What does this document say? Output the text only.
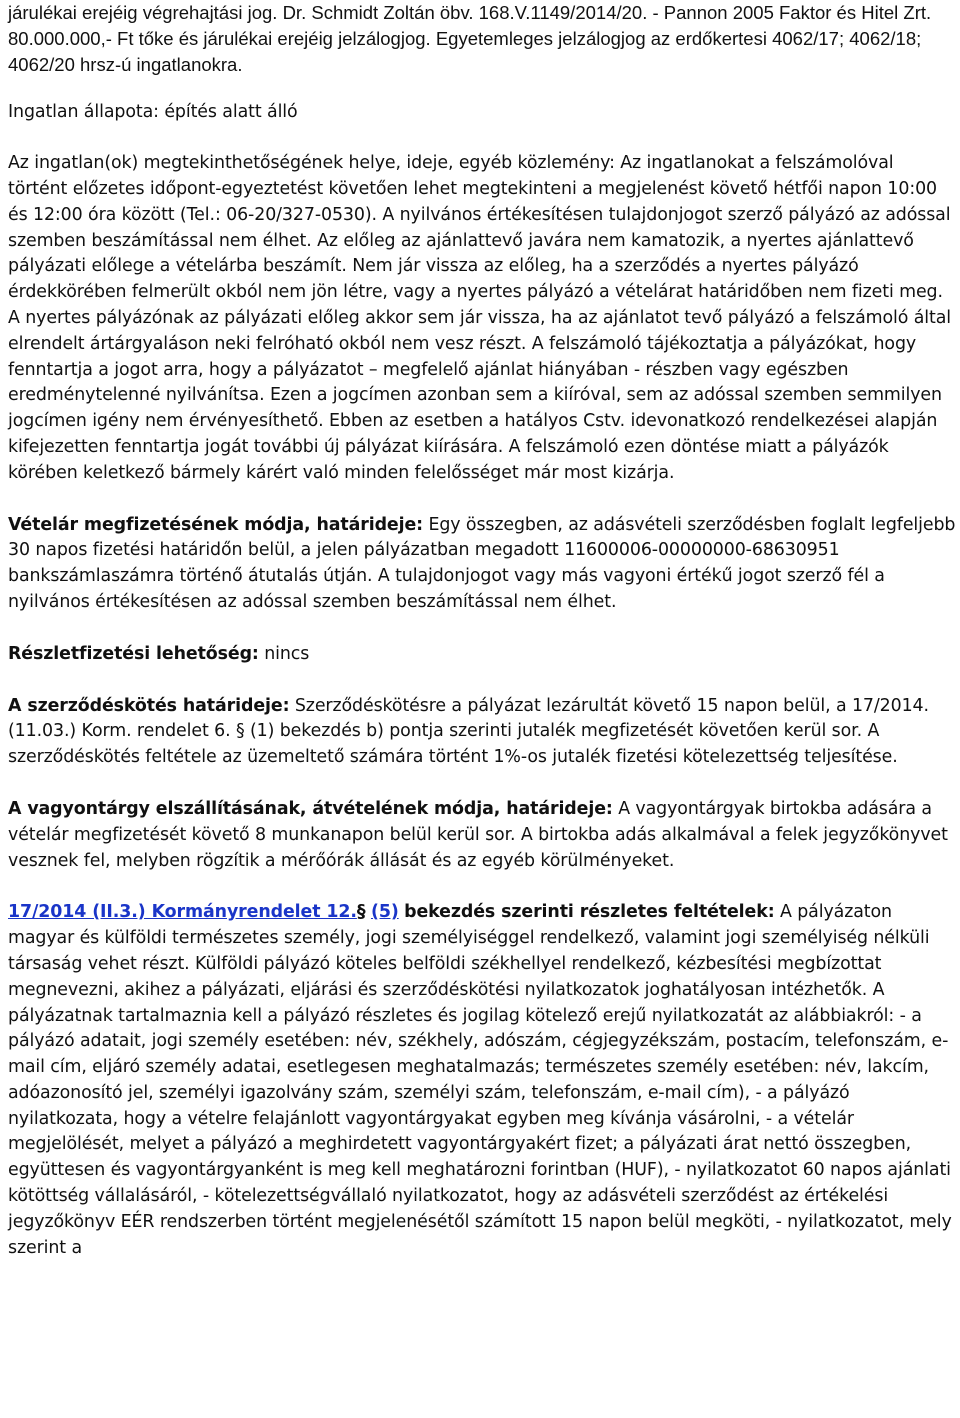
járulékai erejéig végrehajtási jog. Dr. Schmidt Zoltán öbv. 168.V.1149/2014/20. - Pannon 2005 Faktor és Hitel Zrt. 80.000.000,- Ft tőke és járulékai erejéig jelzálogjog. Egyetemleges jelzálogjog az erdőkertesi 4062/17; 4062/18; 4062/20 hrsz-ú ingatlanokra.

Ingatlan állapota: építés alatt álló

Az ingatlan(ok) megtekinthetőségének helye, ideje, egyéb közlemény: Az ingatlanokat a felszámolóval történt előzetes időpont-egyeztetést követően lehet megtekinteni a megjelenést követő hétfői napon 10:00 és 12:00 óra között (Tel.: 06-20/327-0530). A nyilvános értékesítésen tulajdonjogot szerző pályázó az adóssal szemben beszámítással nem élhet. Az előleg az ajánlattevő javára nem kamatozik, a nyertes ajánlattevő pályázati előlege a vételárba beszámít. Nem jár vissza az előleg, ha a szerződés a nyertes pályázó érdekkörében felmerült okból nem jön létre, vagy a nyertes pályázó a vételárat határidőben nem fizeti meg. A nyertes pályázónak az pályázati előleg akkor sem jár vissza, ha az ajánlatot tevő pályázó a felszámoló által elrendelt ártárgyaláson neki felróható okból nem vesz részt. A felszámoló tájékoztatja a pályázókat, hogy fenntartja a jogot arra, hogy a pályázatot – megfelelő ajánlat hiányában - részben vagy egészben eredménytelenné nyilvánítsa. Ezen a jogcímen azonban sem a kiíróval, sem az adóssal szemben semmilyen jogcímen igény nem érvényesíthető. Ebben az esetben a hatályos Cstv. idevonatkozó rendelkezései alapján kifejezetten fenntartja jogát további új pályázat kiírására. A felszámoló ezen döntése miatt a pályázók körében keletkező bármely kárért való minden felelősséget már most kizárja.

Vételár megfizetésének módja, határideje: Egy összegben, az adásvételi szerződésben foglalt legfeljebb 30 napos fizetési határidőn belül, a jelen pályázatban megadott 11600006-00000000-68630951 bankszámlaszámra történő átutalás útján. A tulajdonjogot vagy más vagyoni értékű jogot szerző fél a nyilvános értékesítésen az adóssal szemben beszámítással nem élhet.

Részletfizetési lehetőség: nincs

A szerződéskötés határideje: Szerződéskötésre a pályázat lezárultát követő 15 napon belül, a 17/2014. (11.03.) Korm. rendelet 6. § (1) bekezdés b) pontja szerinti jutalék megfizetését követően kerül sor. A szerződéskötés feltétele az üzemeltető számára történt 1%-os jutalék fizetési kötelezettség teljesítése.

A vagyontárgy elszállításának, átvételének módja, határideje: A vagyontárgyak birtokba adására a vételár megfizetését követő 8 munkanapon belül kerül sor. A birtokba adás alkalmával a felek jegyzőkönyvet vesznek fel, melyben rögzítik a mérőórák állását és az egyéb körülményeket.

17/2014 (II.3.) Kormányrendelet 12.§ (5) bekezdés szerinti részletes feltételek: A pályázaton magyar és külföldi természetes személy, jogi személyiséggel rendelkező, valamint jogi személyiség nélküli társaság vehet részt. Külföldi pályázó köteles belföldi székhellyel rendelkező, kézbesítési megbízottat megnevezni, akihez a pályázati, eljárási és szerződéskötési nyilatkozatok joghatályosan intézhetők. A pályázatnak tartalmaznia kell a pályázó részletes és jogilag kötelező erejű nyilatkozatát az alábbiakról: - a pályázó adatait, jogi személy esetében: név, székhely, adószám, cégjegyzékszám, postacím, telefonszám, e-mail cím, eljáró személy adatai, esetlegesen meghatalmazás; természetes személy esetében: név, lakcím, adóazonosító jel, személyi igazolvány szám, személyi szám, telefonszám, e-mail cím), - a pályázó nyilatkozata, hogy a vételre felajánlott vagyontárgyakat egyben meg kívánja vásárolni, - a vételár megjelölését, melyet a pályázó a meghirdetett vagyontárgyakért fizet; a pályázati árat nettó összegben, együttesen és vagyontárgyanként is meg kell meghatározni forintban (HUF), - nyilatkozatot 60 napos ajánlati kötöttség vállalásáról, - kötelezettségvállaló nyilatkozatot, hogy az adásvételi szerződést az értékelési jegyzőkönyv EÉR rendszerben történt megjelenésétől számított 15 napon belül megköti, - nyilatkozatot, mely szerint a
